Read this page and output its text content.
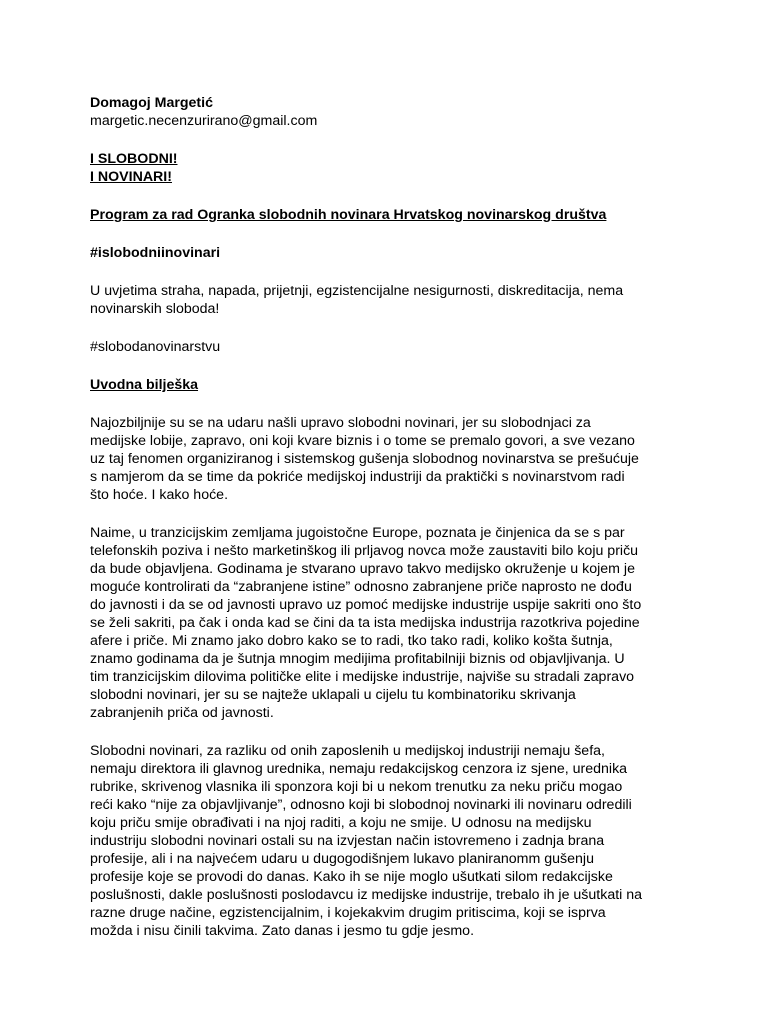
Domagoj Margetić
margetic.necenzurirano@gmail.com
I SLOBODNI!
I NOVINARI!
Program za rad Ogranka slobodnih novinara Hrvatskog novinarskog društva
#islobodniinovinari
U uvjetima straha, napada, prijetnji, egzistencijalne nesigurnosti, diskreditacija, nema
novinarskih sloboda!
#slobodanovinarstvu
Uvodna bilješka
Najozbiljnije su se na udaru našli upravo slobodni novinari, jer su slobodnjaci za
medijske lobije, zapravo, oni koji kvare biznis i o tome se premalo govori, a sve vezano
uz taj fenomen organiziranog i sistemskog gušenja slobodnog novinarstva se prešućuje
s namjerom da se time da pokriće medijskoj industriji da praktički s novinarstvom radi
što hoće. I kako hoće.
Naime, u tranzicijskim zemljama jugoistočne Europe, poznata je činjenica da se s par
telefonskih poziva i nešto marketinškog ili prljavog novca može zaustaviti bilo koju priču
da bude objavljena. Godinama je stvarano upravo takvo medijsko okruženje u kojem je
moguće kontrolirati da “zabranjene istine” odnosno zabranjene priče naprosto ne dođu
do javnosti i da se od javnosti upravo uz pomoć medijske industrije uspije sakriti ono što
se želi sakriti, pa čak i onda kad se čini da ta ista medijska industrija razotkriva pojedine
afere i priče. Mi znamo jako dobro kako se to radi, tko tako radi, koliko košta šutnja,
znamo godinama da je šutnja mnogim medijima profitabilniji biznis od objavljivanja. U
tim tranzicijskim dilovima političke elite i medijske industrije, najviše su stradali zapravo
slobodni novinari, jer su se najteže uklapali u cijelu tu kombinatoriku skrivanja
zabranjenih priča od javnosti.
Slobodni novinari, za razliku od onih zaposlenih u medijskoj industriji nemaju šefa,
nemaju direktora ili glavnog urednika, nemaju redakcijskog cenzora iz sjene, urednika
rubrike, skrivenog vlasnika ili sponzora koji bi u nekom trenutku za neku priču mogao
reći kako “nije za objavljivanje”, odnosno koji bi slobodnoj novinarki ili novinaru odredili
koju priču smije obrađivati i na njoj raditi, a koju ne smije. U odnosu na medijsku
industriju slobodni novinari ostali su na izvjestan način istovremeno i zadnja brana
profesije, ali i na najvećem udaru u dugogodišnjem lukavo planiranomm gušenju
profesije koje se provodi do danas. Kako ih se nije moglo ušutkati silom redakcijske
poslušnosti, dakle poslušnosti poslodavcu iz medijske industrije, trebalo ih je ušutkati na
razne druge načine, egzistencijalnim, i kojekakvim drugim pritiscima, koji se isprva
možda i nisu činili takvima. Zato danas i jesmo tu gdje jesmo.
